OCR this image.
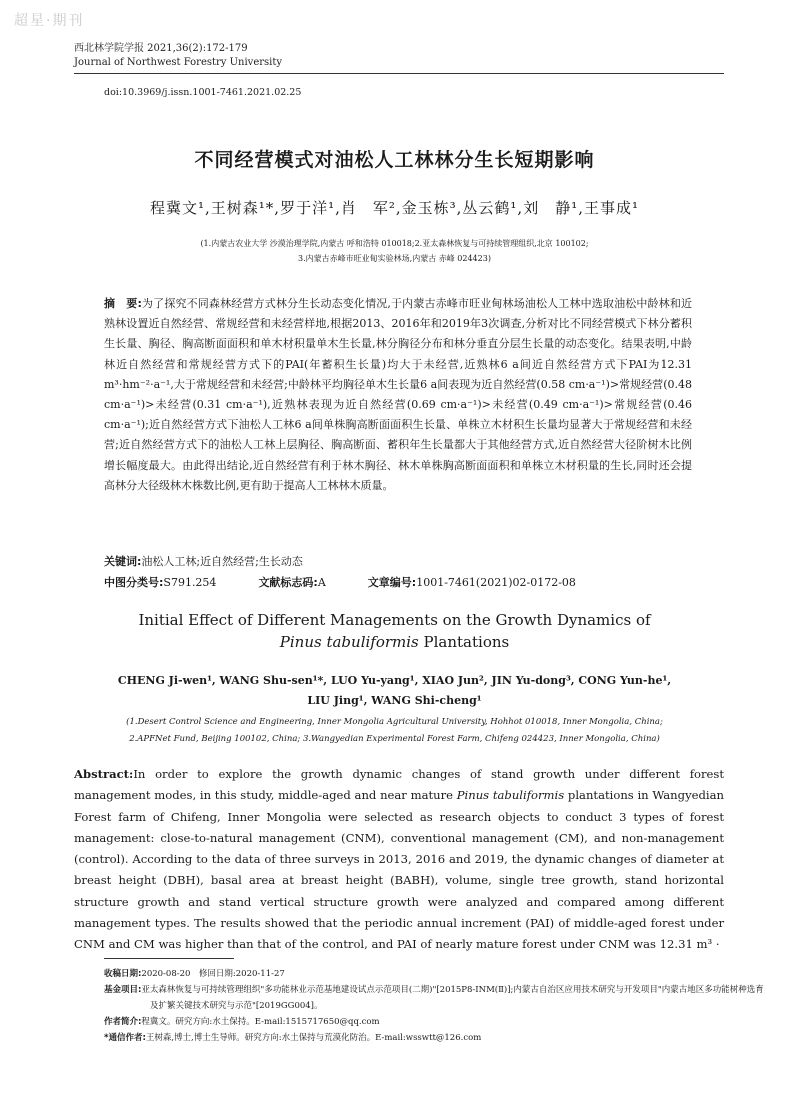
超星·期刊
西北林学院学报 2021,36(2):172-179
Journal of Northwest Forestry University
doi:10.3969/j.issn.1001-7461.2021.02.25
不同经营模式对油松人工林林分生长短期影响
程冀文¹,王树森¹*,罗于洋¹,肖　军²,金玉栋³,丛云鹤¹,刘　静¹,王事成¹
(1.内蒙古农业大学 沙漠治理学院,内蒙古 呼和浩特 010018;2.亚太森林恢复与可持续管理组织,北京 100102;
3.内蒙古赤峰市旺业甸实验林场,内蒙古 赤峰 024423)
摘　要:为了探究不同森林经营方式林分生长动态变化情况,于内蒙古赤峰市旺业甸林场油松人工林中选取油松中龄林和近熟林设置近自然经营、常规经营和未经营样地,根据2013、2016年和2019年3次调查,分析对比不同经营模式下林分蓄积生长量、胸径、胸高断面面积和单木材积量单木生长量,林分胸径分布和林分垂直分层生长量的动态变化。结果表明,中龄林近自然经营和常规经营方式下的PAI(年蓄积生长量)均大于未经营,近熟林6 a间近自然经营方式下PAI为12.31 m³·hm⁻²·a⁻¹,大于常规经营和未经营;中龄林平均胸径单木生长量6 a间表现为近自然经营(0.58 cm·a⁻¹)>常规经营(0.48 cm·a⁻¹)>未经营(0.31 cm·a⁻¹),近熟林表现为近自然经营(0.69 cm·a⁻¹)>未经营(0.49 cm·a⁻¹)>常规经营(0.46 cm·a⁻¹);近自然经营方式下油松人工林6 a间单株胸高断面面积生长量、单株立木材积生长量均显著大于常规经营和未经营;近自然经营方式下的油松人工林上层胸径、胸高断面、蓄积年生长量都大于其他经营方式,近自然经营大径阶树木比例增长幅度最大。由此得出结论,近自然经营有利于林木胸径、林木单株胸高断面面积和单株立木材积量的生长,同时还会提高林分大径级林木株数比例,更有助于提高人工林林木质量。
关键词:油松人工林;近自然经营;生长动态
中图分类号:S791.254	文献标志码:A	文章编号:1001-7461(2021)02-0172-08
Initial Effect of Different Managements on the Growth Dynamics of
Pinus tabuliformis Plantations
CHENG Ji-wen¹, WANG Shu-sen¹*, LUO Yu-yang¹, XIAO Jun², JIN Yu-dong³, CONG Yun-he¹,
LIU Jing¹, WANG Shi-cheng¹
(1.Desert Control Science and Engineering, Inner Mongolia Agricultural University, Hohhot 010018, Inner Mongolia, China;
2.APFNet Fund, Beijing 100102, China; 3.Wangyedian Experimental Forest Farm, Chifeng 024423, Inner Mongolia, China)
Abstract:In order to explore the growth dynamic changes of stand growth under different forest management modes, in this study, middle-aged and near mature Pinus tabuliformis plantations in Wangyedian Forest farm of Chifeng, Inner Mongolia were selected as research objects to conduct 3 types of forest management: close-to-natural management (CNM), conventional management (CM), and non-management (control). According to the data of three surveys in 2013, 2016 and 2019, the dynamic changes of diameter at breast height (DBH), basal area at breast height (BABH), volume, single tree growth, stand horizontal structure growth and stand vertical structure growth were analyzed and compared among different management types. The results showed that the periodic annual increment (PAI) of middle-aged forest under CNM and CM was higher than that of the control, and PAI of nearly mature forest under CNM was 12.31 m³ ·
收稿日期:2020-08-20　修回日期:2020-11-27
基金项目:亚太森林恢复与可持续管理组织"多功能林业示范基地建设试点示范项目(二期)"[2015P8-INM(Ⅱ)];内蒙古自治区应用技术研究与开发项目"内蒙古地区多功能树种选育及扩繁关键技术研究与示范"[2019GG004]。
作者简介:程冀文。研究方向:水土保持。E-mail:1515717650@qq.com
*通信作者:王树森,博士,博士生导师。研究方向:水土保持与荒漠化防治。E-mail:wsswtt@126.com
